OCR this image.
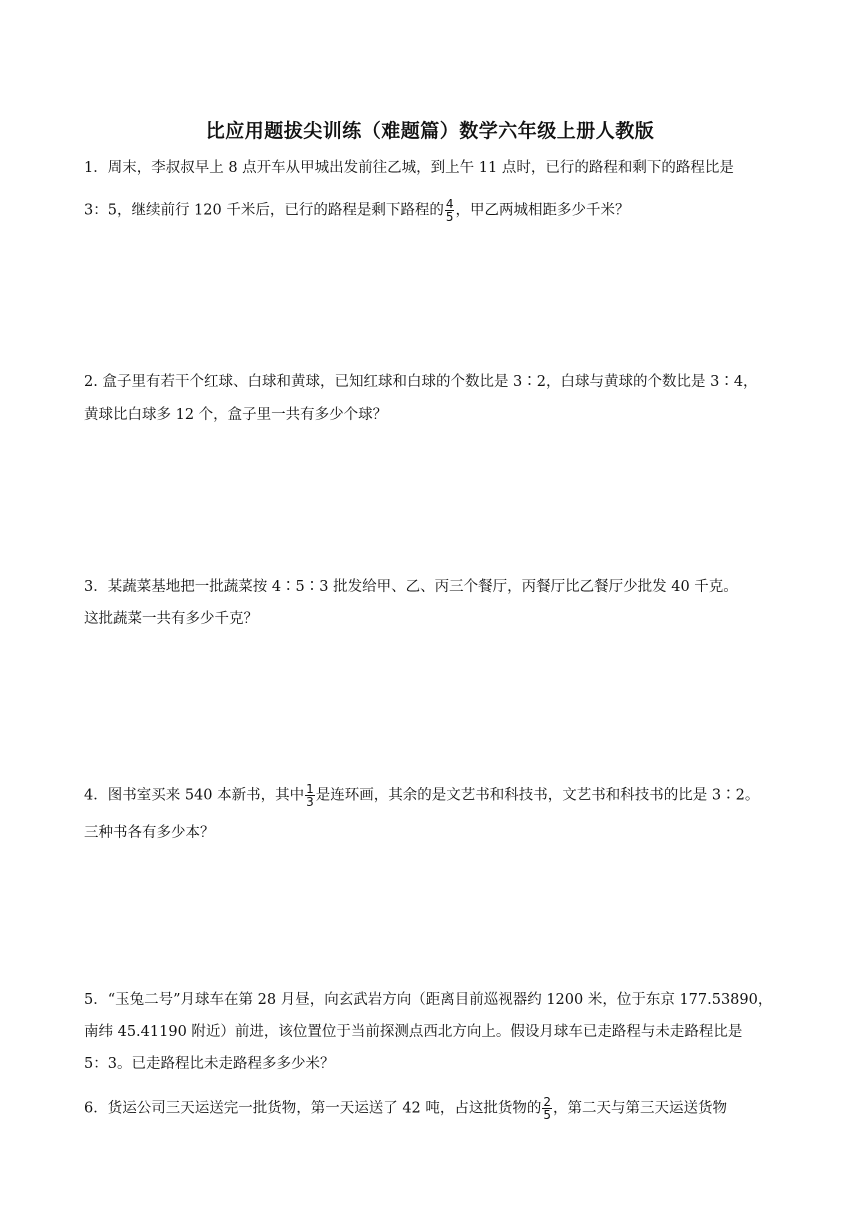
比应用题拔尖训练（难题篇）数学六年级上册人教版
1．周末，李叔叔早上 8 点开车从甲城出发前往乙城，到上午 11 点时，已行的路程和剩下的路程比是
3：5，继续前行 120 千米后，已行的路程是剩下路程的 $\frac{4}{5}$ ，甲乙两城相距多少千米？
2. 盒子里有若干个红球、白球和黄球，已知红球和白球的个数比是 3∶2，白球与黄球的个数比是 3∶4，
黄球比白球多 12 个，盒子里一共有多少个球？
3．某蔬菜基地把一批蔬菜按 4∶5∶3 批发给甲、乙、丙三个餐厅，丙餐厅比乙餐厅少批发 40 千克。
这批蔬菜一共有多少千克？
4．图书室买来 540 本新书，其中 $\frac{1}{3}$ 是连环画，其余的是文艺书和科技书，文艺书和科技书的比是 3∶2。
三种书各有多少本？
5．“玉兔二号”月球车在第 28 月昼，向玄武岩方向（距离目前巡视器约 1200 米，位于东京 177.53890，
南纬 45.41190 附近）前进，该位置位于当前探测点西北方向上。假设月球车已走路程与未走路程比是
5：3。已走路程比未走路程多多少米？
6．货运公司三天运送完一批货物，第一天运送了 42 吨，占这批货物的 $\frac{2}{5}$ ，第二天与第三天运送货物
